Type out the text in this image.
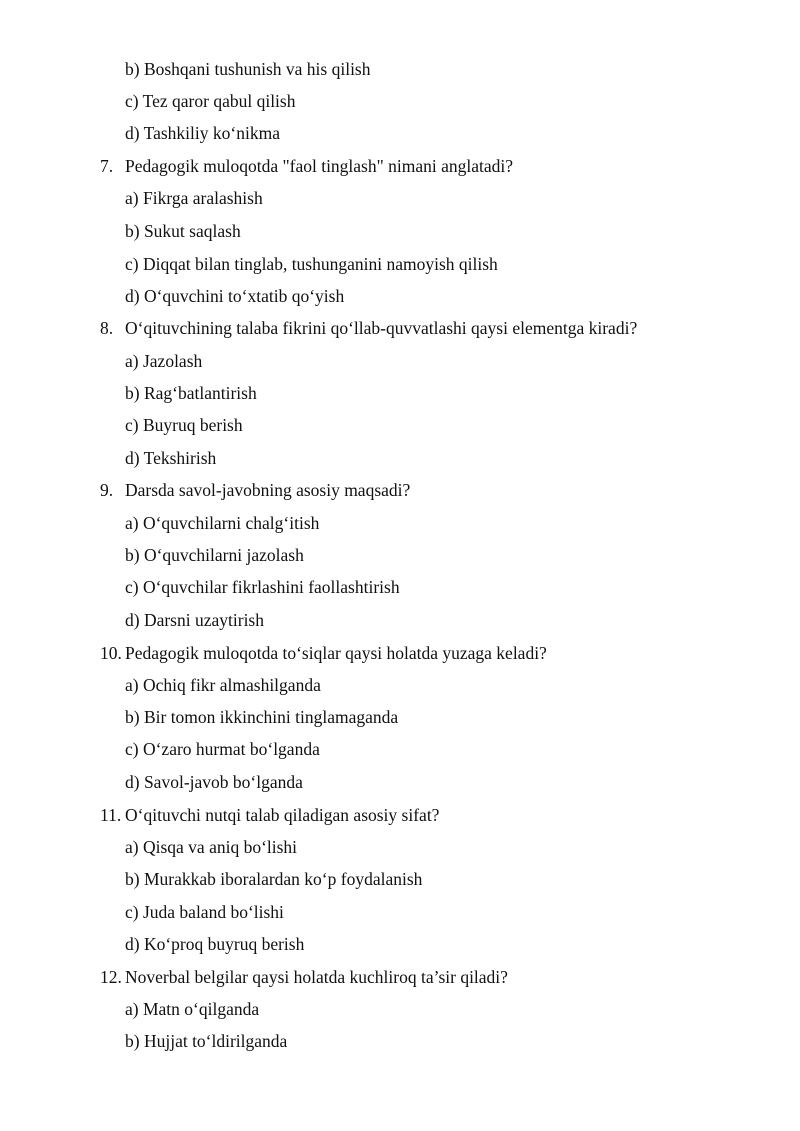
b) Boshqani tushunish va his qilish
c) Tez qaror qabul qilish
d) Tashkiliy ko‘nikma
7. Pedagogik muloqotda "faol tinglash" nimani anglatadi?
a) Fikrga aralashish
b) Sukut saqlash
c) Diqqat bilan tinglab, tushunganini namoyish qilish
d) O‘quvchini to‘xtatib qo‘yish
8. O‘qituvchining talaba fikrini qo‘llab-quvvatlashi qaysi elementga kiradi?
a) Jazolash
b) Rag‘batlantirish
c) Buyruq berish
d) Tekshirish
9. Darsda savol-javobning asosiy maqsadi?
a) O‘quvchilarni chalg‘itish
b) O‘quvchilarni jazolash
c) O‘quvchilar fikrlashini faollashtirish
d) Darsni uzaytirish
10. Pedagogik muloqotda to‘siqlar qaysi holatda yuzaga keladi?
a) Ochiq fikr almashilganda
b) Bir tomon ikkinchini tinglamaganda
c) O‘zaro hurmat bo‘lganda
d) Savol-javob bo‘lganda
11. O‘qituvchi nutqi talab qiladigan asosiy sifat?
a) Qisqa va aniq bo‘lishi
b) Murakkab iboralardan ko‘p foydalanish
c) Juda baland bo‘lishi
d) Ko‘proq buyruq berish
12. Noverbal belgilar qaysi holatda kuchliroq ta’sir qiladi?
a) Matn o‘qilganda
b) Hujjat to‘ldirilganda
